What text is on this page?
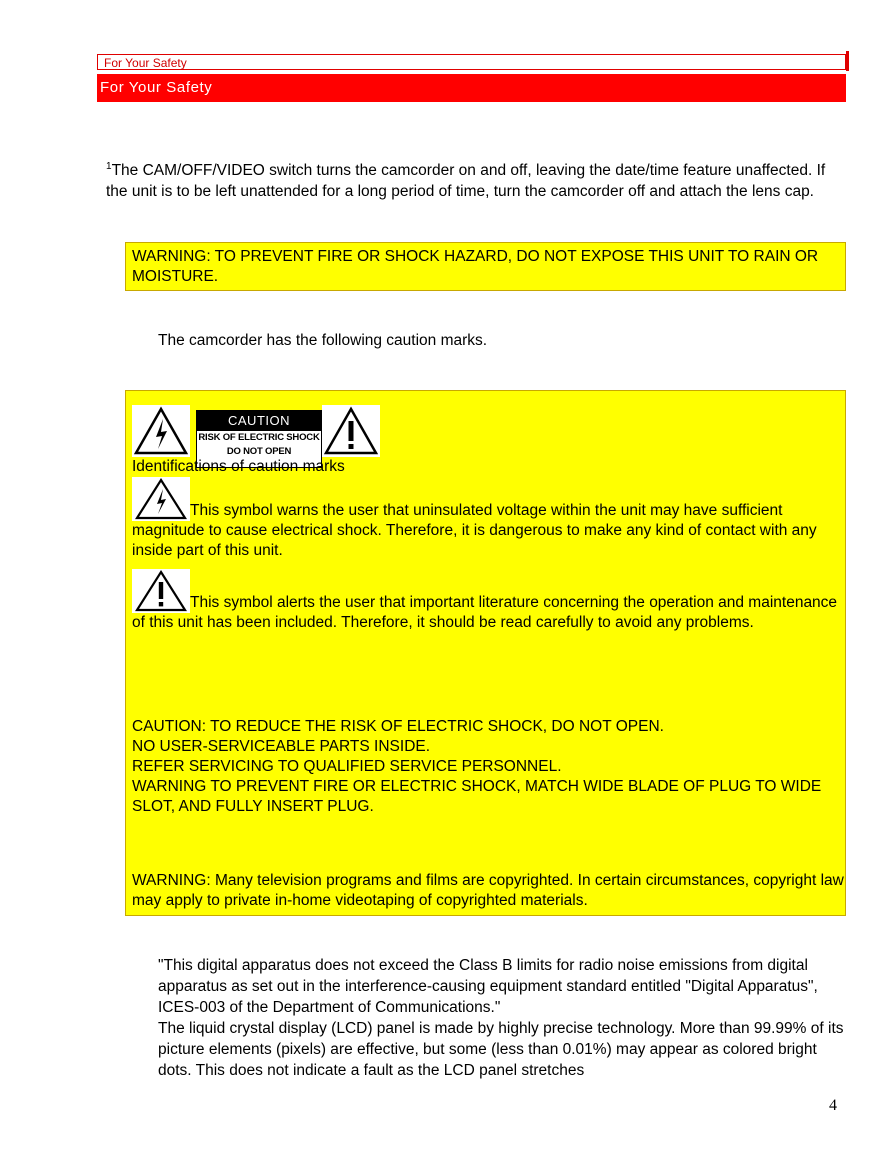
For Your Safety
For Your Safety
$^1$The CAM/OFF/VIDEO switch turns the camcorder on and off, leaving the date/time feature unaffected. If the unit is to be left unattended for a long period of time, turn the camcorder off and attach the lens cap.
WARNING: TO PREVENT FIRE OR SHOCK HAZARD, DO NOT EXPOSE THIS UNIT TO RAIN OR MOISTURE.
The camcorder has the following caution marks.
CAUTION
RISK OF ELECTRIC SHOCK
DO NOT OPEN
Identifications of caution marks
This symbol warns the user that uninsulated voltage within the unit may have sufficient magnitude to cause electrical shock. Therefore, it is dangerous to make any kind of contact with any inside part of this unit.
This symbol alerts the user that important literature concerning the operation and maintenance of this unit has been included. Therefore, it should be read carefully to avoid any problems.
CAUTION: TO REDUCE THE RISK OF ELECTRIC SHOCK, DO NOT OPEN.
NO USER-SERVICEABLE PARTS INSIDE.
REFER SERVICING TO QUALIFIED SERVICE PERSONNEL.
WARNING TO PREVENT FIRE OR ELECTRIC SHOCK, MATCH WIDE BLADE OF PLUG TO WIDE SLOT, AND FULLY INSERT PLUG.
WARNING: Many television programs and films are copyrighted. In certain circumstances, copyright law may apply to private in-home videotaping of copyrighted materials.
"This digital apparatus does not exceed the Class B limits for radio noise emissions from digital apparatus as set out in the interference-causing equipment standard entitled "Digital Apparatus", ICES-003 of the Department of Communications."
The liquid crystal display (LCD) panel is made by highly precise technology. More than 99.99% of its picture elements (pixels) are effective, but some (less than 0.01%) may appear as colored bright dots. This does not indicate a fault as the LCD panel stretches
4
